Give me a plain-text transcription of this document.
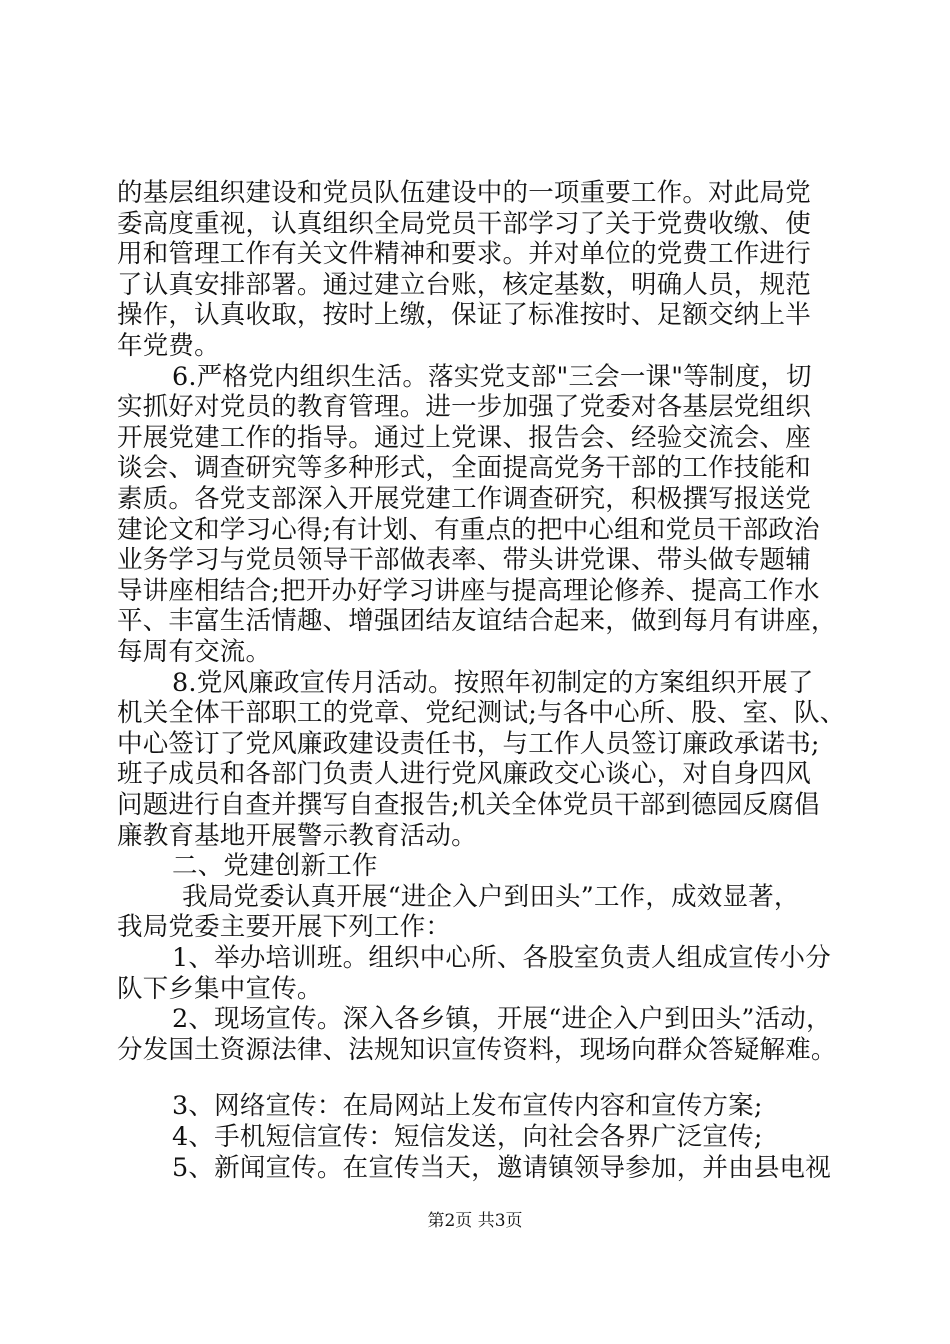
的基层组织建设和党员队伍建设中的一项重要工作。对此局党
委高度重视，认真组织全局党员干部学习了关于党费收缴、使
用和管理工作有关文件精神和要求。并对单位的党费工作进行
了认真安排部署。通过建立台账，核定基数，明确人员，规范
操作，认真收取，按时上缴，保证了标准按时、足额交纳上半
年党费。
6.严格党内组织生活。落实党支部"三会一课"等制度，切
实抓好对党员的教育管理。进一步加强了党委对各基层党组织
开展党建工作的指导。通过上党课、报告会、经验交流会、座
谈会、调查研究等多种形式，全面提高党务干部的工作技能和
素质。各党支部深入开展党建工作调查研究，积极撰写报送党
建论文和学习心得;有计划、有重点的把中心组和党员干部政治
业务学习与党员领导干部做表率、带头讲党课、带头做专题辅
导讲座相结合;把开办好学习讲座与提高理论修养、提高工作水
平、丰富生活情趣、增强团结友谊结合起来，做到每月有讲座，
每周有交流。
8.党风廉政宣传月活动。按照年初制定的方案组织开展了
机关全体干部职工的党章、党纪测试;与各中心所、股、室、队、
中心签订了党风廉政建设责任书，与工作人员签订廉政承诺书;
班子成员和各部门负责人进行党风廉政交心谈心，对自身四风
问题进行自查并撰写自查报告;机关全体党员干部到德园反腐倡
廉教育基地开展警示教育活动。
二、党建创新工作
我局党委认真开展“进企入户到田头”工作，成效显著，
我局党委主要开展下列工作：
1、举办培训班。组织中心所、各股室负责人组成宣传小分
队下乡集中宣传。
2、现场宣传。深入各乡镇，开展“进企入户到田头”活动，
分发国土资源法律、法规知识宣传资料，现场向群众答疑解难。
3、网络宣传：在局网站上发布宣传内容和宣传方案;
4、手机短信宣传：短信发送，向社会各界广泛宣传;
5、新闻宣传。在宣传当天，邀请镇领导参加，并由县电视
第2页 共3页
